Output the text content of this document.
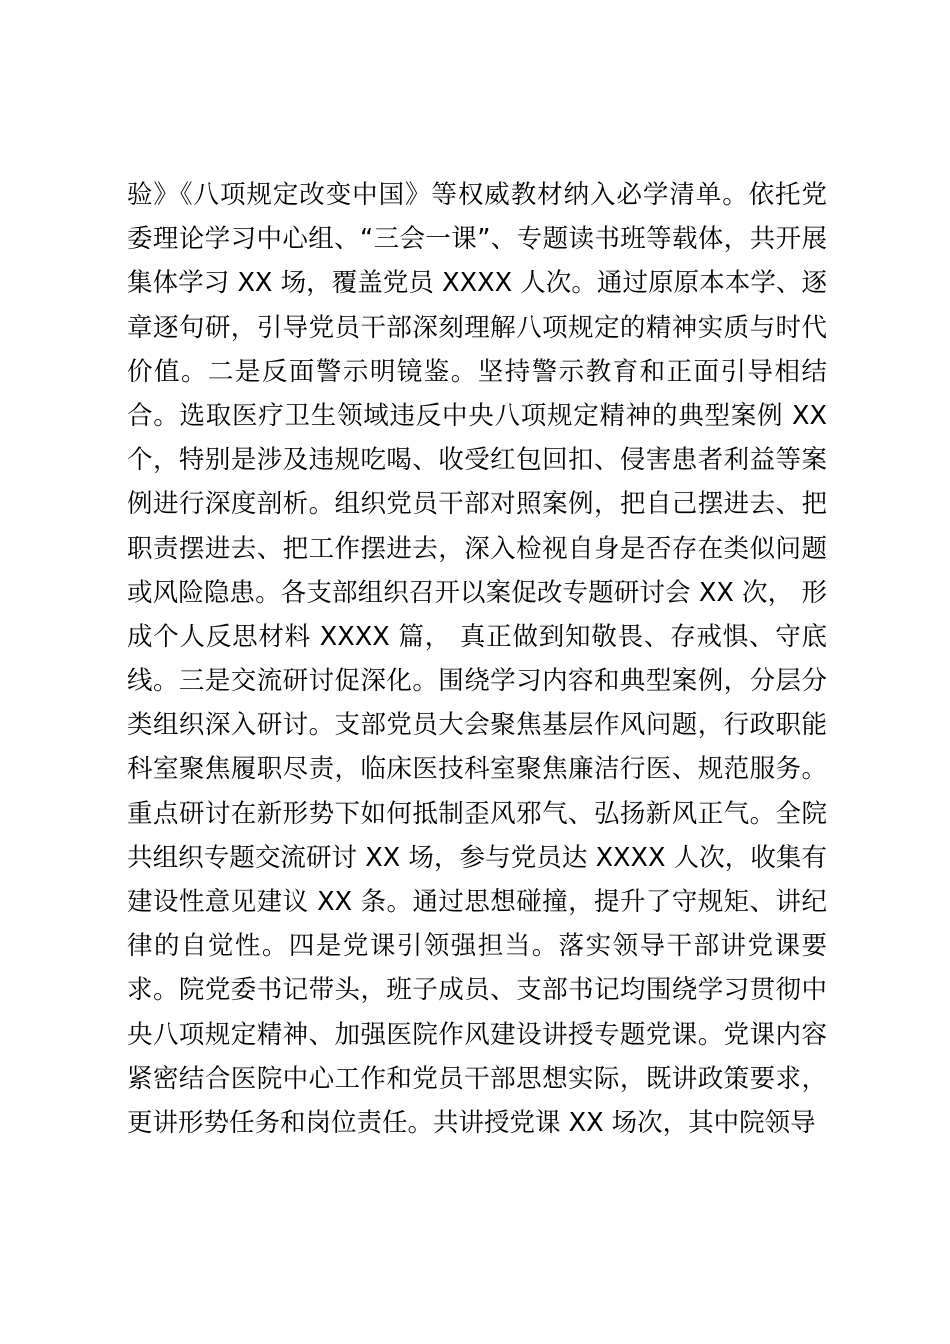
验》《八项规定改变中国》等权威教材纳入必学清单。依托党
委理论学习中心组、“三会一课”、专题读书班等载体，共开展
集体学习 XX 场，覆盖党员 XXXX 人次。通过原原本本学、逐
章逐句研，引导党员干部深刻理解八项规定的精神实质与时代
价值。二是反面警示明镜鉴。坚持警示教育和正面引导相结
合。选取医疗卫生领域违反中央八项规定精神的典型案例 XX
个，特别是涉及违规吃喝、收受红包回扣、侵害患者利益等案
例进行深度剖析。组织党员干部对照案例，把自己摆进去、把
职责摆进去、把工作摆进去，深入检视自身是否存在类似问题
或风险隐患。各支部组织召开以案促改专题研讨会 XX 次， 形
成个人反思材料 XXXX 篇， 真正做到知敬畏、存戒惧、守底
线。三是交流研讨促深化。围绕学习内容和典型案例，分层分
类组织深入研讨。支部党员大会聚焦基层作风问题，行政职能
科室聚焦履职尽责，临床医技科室聚焦廉洁行医、规范服务。
重点研讨在新形势下如何抵制歪风邪气、弘扬新风正气。全院
共组织专题交流研讨 XX 场，参与党员达 XXXX 人次，收集有
建设性意见建议 XX 条。通过思想碰撞，提升了守规矩、讲纪
律的自觉性。四是党课引领强担当。落实领导干部讲党课要
求。院党委书记带头，班子成员、支部书记均围绕学习贯彻中
央八项规定精神、加强医院作风建设讲授专题党课。党课内容
紧密结合医院中心工作和党员干部思想实际，既讲政策要求，
更讲形势任务和岗位责任。共讲授党课 XX 场次，其中院领导
